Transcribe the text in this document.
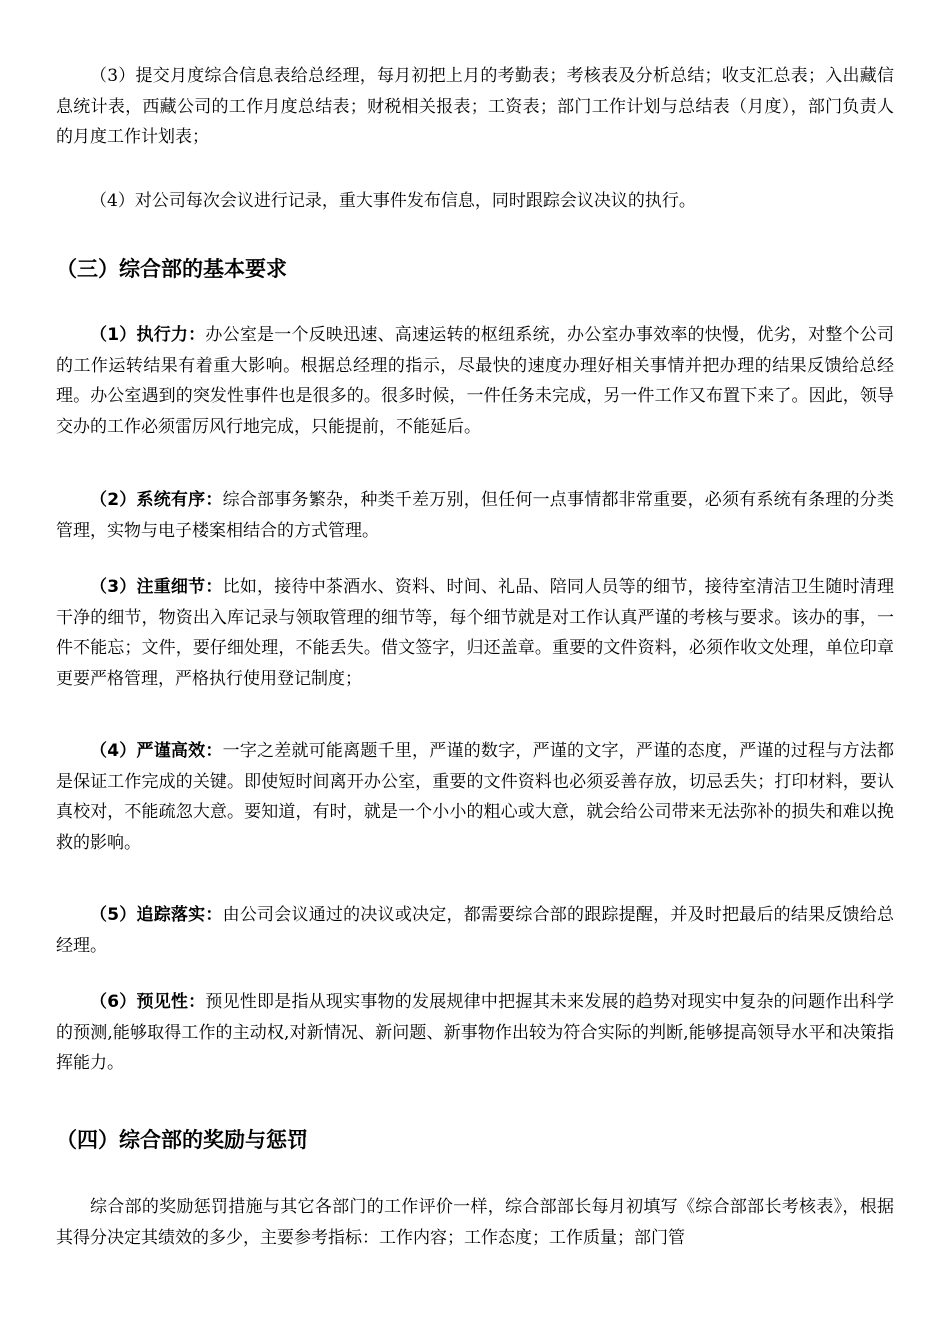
（3）提交月度综合信息表给总经理，每月初把上月的考勤表；考核表及分析总结；收支汇总表；入出藏信息统计表，西藏公司的工作月度总结表；财税相关报表；工资表；部门工作计划与总结表（月度），部门负责人的月度工作计划表；

（4）对公司每次会议进行记录，重大事件发布信息，同时跟踪会议决议的执行。

（三）综合部的基本要求

（1）执行力：办公室是一个反映迅速、高速运转的枢纽系统，办公室办事效率的快慢，优劣，对整个公司的工作运转结果有着重大影响。根据总经理的指示，尽最快的速度办理好相关事情并把办理的结果反馈给总经理。办公室遇到的突发性事件也是很多的。很多时候，一件任务未完成，另一件工作又布置下来了。因此，领导交办的工作必须雷厉风行地完成，只能提前，不能延后。

（2）系统有序：综合部事务繁杂，种类千差万别，但任何一点事情都非常重要，必须有系统有条理的分类管理，实物与电子楼案相结合的方式管理。

（3）注重细节：比如，接待中茶酒水、资料、时间、礼品、陪同人员等的细节，接待室清洁卫生随时清理干净的细节，物资出入库记录与领取管理的细节等，每个细节就是对工作认真严谨的考核与要求。该办的事，一件不能忘；文件，要仔细处理，不能丢失。借文签字，归还盖章。重要的文件资料，必须作收文处理，单位印章更要严格管理，严格执行使用登记制度；

（4）严谨高效：一字之差就可能离题千里，严谨的数字，严谨的文字，严谨的态度，严谨的过程与方法都是保证工作完成的关键。即使短时间离开办公室，重要的文件资料也必须妥善存放，切忌丢失；打印材料，要认真校对，不能疏忽大意。要知道，有时，就是一个小小的粗心或大意，就会给公司带来无法弥补的损失和难以挽救的影响。

（5）追踪落实：由公司会议通过的决议或决定，都需要综合部的跟踪提醒，并及时把最后的结果反馈给总经理。

（6）预见性：预见性即是指从现实事物的发展规律中把握其未来发展的趋势对现实中复杂的问题作出科学的预测,能够取得工作的主动权,对新情况、新问题、新事物作出较为符合实际的判断,能够提高领导水平和决策指挥能力。

（四）综合部的奖励与惩罚

综合部的奖励惩罚措施与其它各部门的工作评价一样，综合部部长每月初填写《综合部部长考核表》，根据其得分决定其绩效的多少，主要参考指标：工作内容；工作态度；工作质量；部门管
